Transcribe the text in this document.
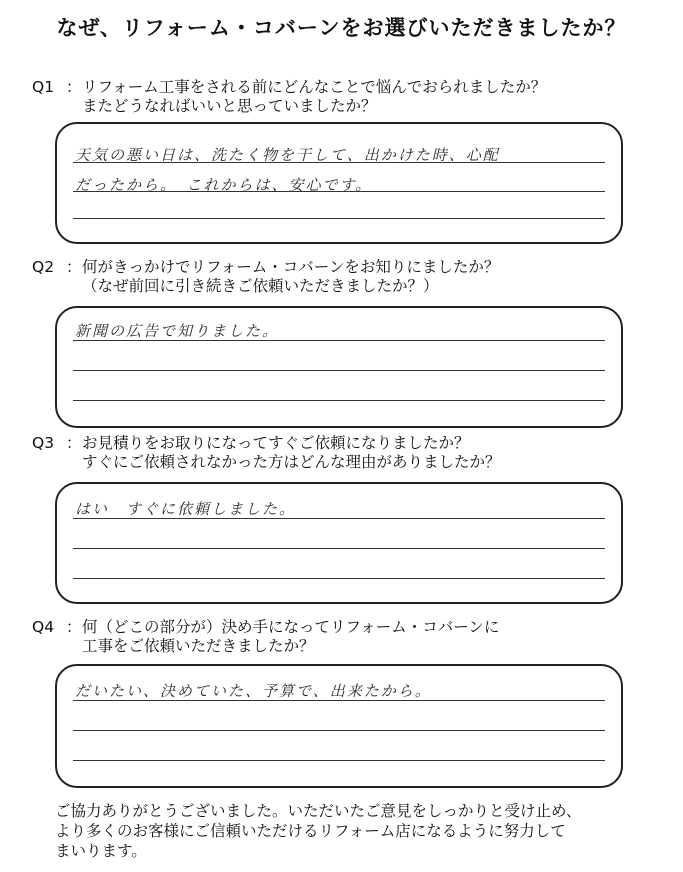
なぜ、リフォーム・コバーンをお選びいただきましたか？
Q1 ： リフォーム工事をされる前にどんなことで悩んでおられましたか？
またどうなればいいと思っていましたか？
天気の悪い日は、洗たく物を干して、出かけた時、心配
だったから。　これからは、安心です。
Q2 ： 何がきっかけでリフォーム・コバーンをお知りにましたか？
（なぜ前回に引き続きご依頼いただきましたか？）
新聞の広告で知りました。
Q3 ： お見積りをお取りになってすぐご依頼になりましたか？
すぐにご依頼されなかった方はどんな理由がありましたか？
はい　すぐに依頼しました。
Q4 ： 何（どこの部分が）決め手になってリフォーム・コバーンに
工事をご依頼いただきましたか？
だいたい、決めていた、予算で、出来たから。
ご協力ありがとうございました。いただいたご意見をしっかりと受け止め、
より多くのお客様にご信頼いただけるリフォーム店になるように努力して
まいります。
